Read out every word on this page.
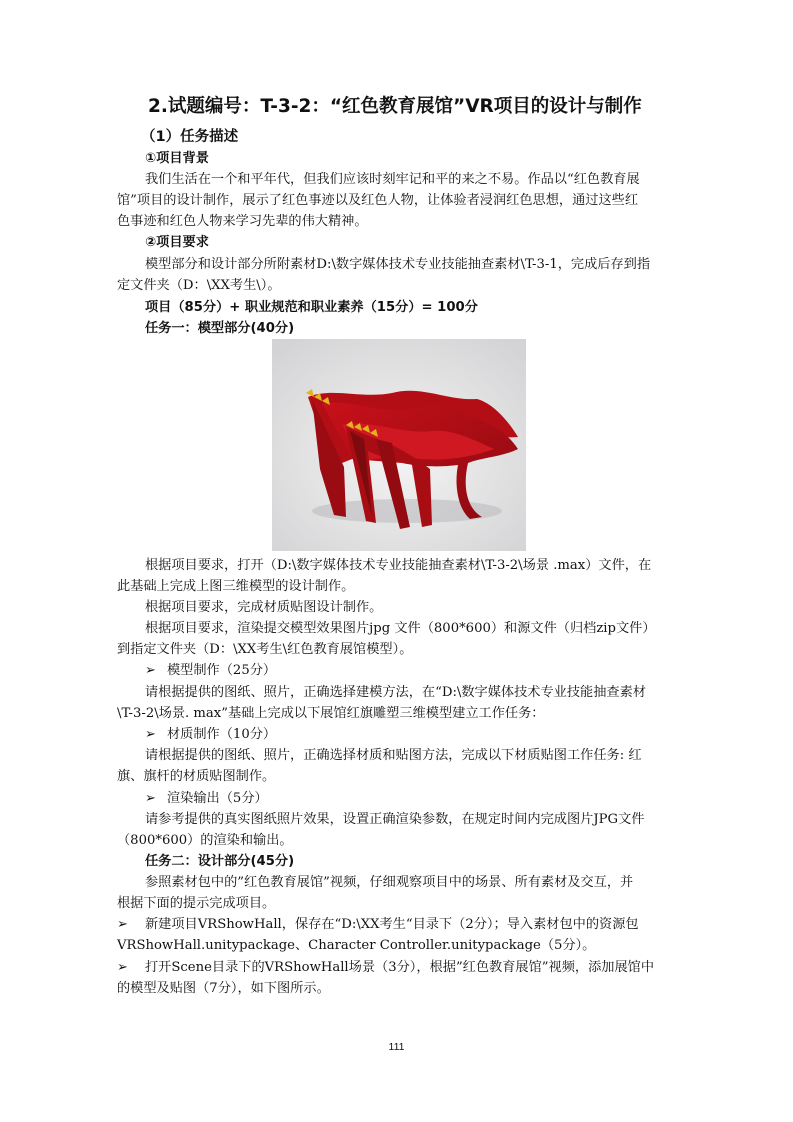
2.试题编号：T-3-2：“红色教育展馆”VR项目的设计与制作
（1）任务描述
①项目背景
我们生活在一个和平年代，但我们应该时刻牢记和平的来之不易。作品以“红色教育展
馆”项目的设计制作，展示了红色事迹以及红色人物，让体验者浸润红色思想，通过这些红
色事迹和红色人物来学习先辈的伟大精神。
②项目要求
模型部分和设计部分所附素材D:\数字媒体技术专业技能抽查素材\T-3-1，完成后存到指
定文件夹（D：\XX考生\）。
项目（85分）+ 职业规范和职业素养（15分）= 100分
任务一：模型部分(40分)
根据项目要求，打开（D:\数字媒体技术专业技能抽查素材\T-3-2\场景 .max）文件，在
此基础上完成上图三维模型的设计制作。
根据项目要求，完成材质贴图设计制作。
根据项目要求，渲染提交模型效果图片jpg 文件（800*600）和源文件（归档zip文件）
到指定文件夹（D：\XX考生\红色教育展馆模型）。
➢ 模型制作（25分）
请根据提供的图纸、照片，正确选择建模方法，在“D:\数字媒体技术专业技能抽查素材
\T-3-2\场景. max”基础上完成以下展馆红旗雕塑三维模型建立工作任务：
➢ 材质制作（10分）
请根据提供的图纸、照片，正确选择材质和贴图方法，完成以下材质贴图工作任务: 红
旗、旗杆的材质贴图制作。
➢ 渲染输出（5分）
请参考提供的真实图纸照片效果，设置正确渲染参数，在规定时间内完成图片JPG文件
（800*600）的渲染和输出。
任务二：设计部分(45分)
参照素材包中的”红色教育展馆”视频，仔细观察项目中的场景、所有素材及交互，并
根据下面的提示完成项目。
➢ 新建项目VRShowHall，保存在“D:\XX考生“目录下（2分）；导入素材包中的资源包
VRShowHall.unitypackage、Character Controller.unitypackage（5分）。
➢ 打开Scene目录下的VRShowHall场景（3分），根据”红色教育展馆”视频，添加展馆中
的模型及贴图（7分），如下图所示。
111
